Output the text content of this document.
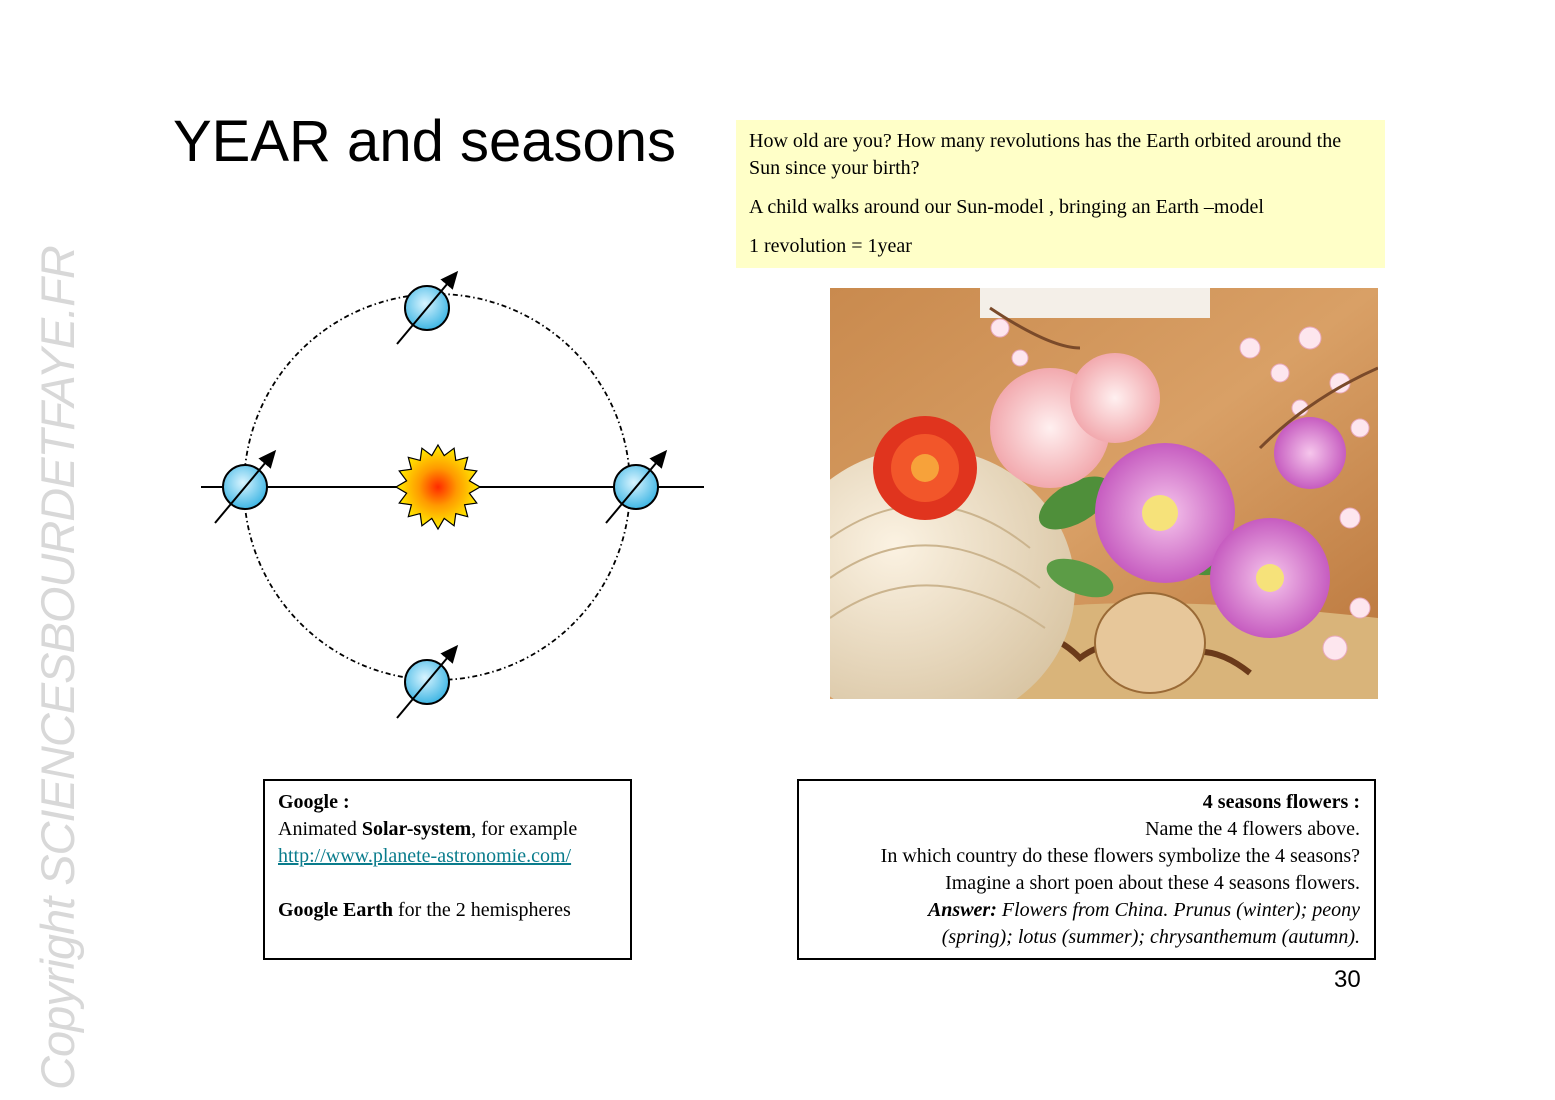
YEAR and seasons	How old are you? How many revolutions has the Earth orbited around the Sun since your birth?

A child walks around our Sun-model , bringing an Earth –model

1 revolution = 1year

Copyright SCIENCESBOURDETFAYE.FR	Google :
Animated Solar-system, for example
http://www.planete-astronomie.com/
Google Earth for the 2 hemispheres
4 seasons flowers :
Name the 4 flowers above.
In which country do these flowers symbolize the 4 seasons?
Imagine a short poen about these 4 seasons flowers.
Answer: Flowers from China. Prunus (winter); peony
(spring); lotus (summer); chrysanthemum (autumn).
30
